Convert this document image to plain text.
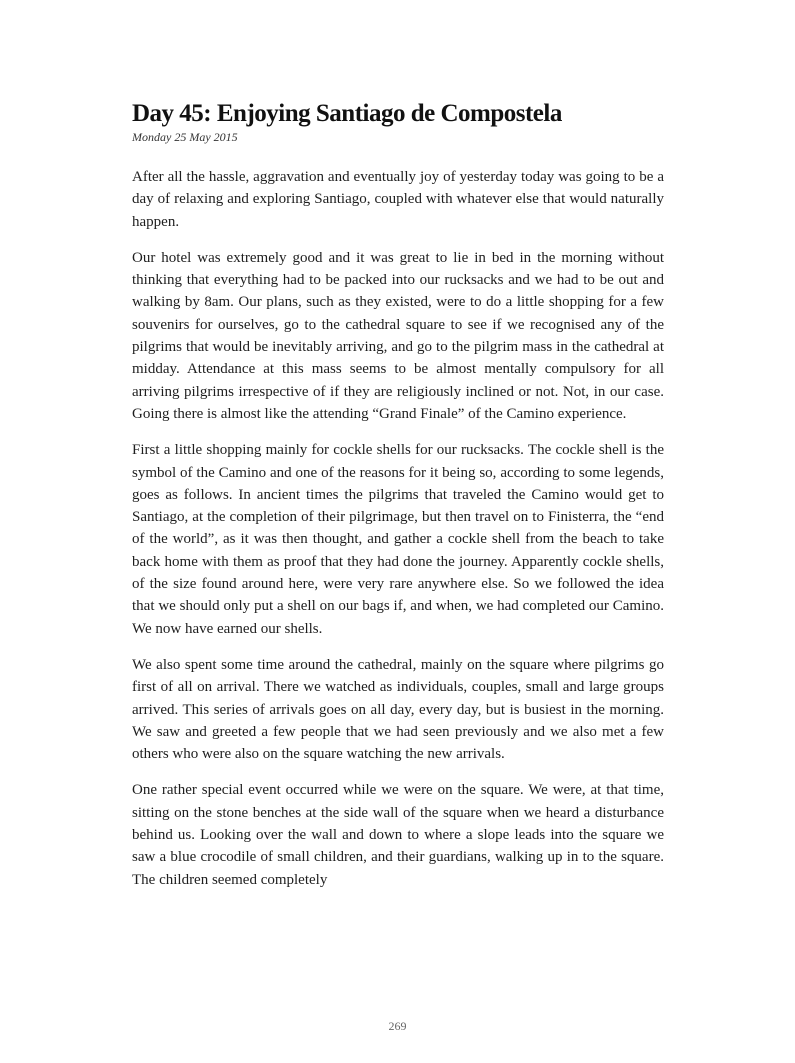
Day 45: Enjoying Santiago de Compostela
Monday 25 May 2015

After all the hassle, aggravation and eventually joy of yesterday today was going to be a day of relaxing and exploring Santiago, coupled with whatever else that would naturally happen.

Our hotel was extremely good and it was great to lie in bed in the morning without thinking that everything had to be packed into our rucksacks and we had to be out and walking by 8am. Our plans, such as they existed, were to do a little shopping for a few souvenirs for ourselves, go to the cathedral square to see if we recognised any of the pilgrims that would be inevitably arriving, and go to the pilgrim mass in the cathedral at midday. Attendance at this mass seems to be almost mentally compulsory for all arriving pilgrims irrespective of if they are religiously inclined or not. Not, in our case. Going there is almost like the attending “Grand Finale” of the Camino experience.

First a little shopping mainly for cockle shells for our rucksacks. The cockle shell is the symbol of the Camino and one of the reasons for it being so, according to some legends, goes as follows. In ancient times the pilgrims that traveled the Camino would get to Santiago, at the completion of their pilgrimage, but then travel on to Finisterra, the “end of the world”, as it was then thought, and gather a cockle shell from the beach to take back home with them as proof that they had done the journey. Apparently cockle shells, of the size found around here, were very rare anywhere else. So we followed the idea that we should only put a shell on our bags if, and when, we had completed our Camino. We now have earned our shells.

We also spent some time around the cathedral, mainly on the square where pilgrims go first of all on arrival. There we watched as individuals, couples, small and large groups arrived. This series of arrivals goes on all day, every day, but is busiest in the morning. We saw and greeted a few people that we had seen previously and we also met a few others who were also on the square watching the new arrivals.

One rather special event occurred while we were on the square. We were, at that time, sitting on the stone benches at the side wall of the square when we heard a disturbance behind us. Looking over the wall and down to where a slope leads into the square we saw a blue crocodile of small children, and their guardians, walking up in to the square. The children seemed completely

269
